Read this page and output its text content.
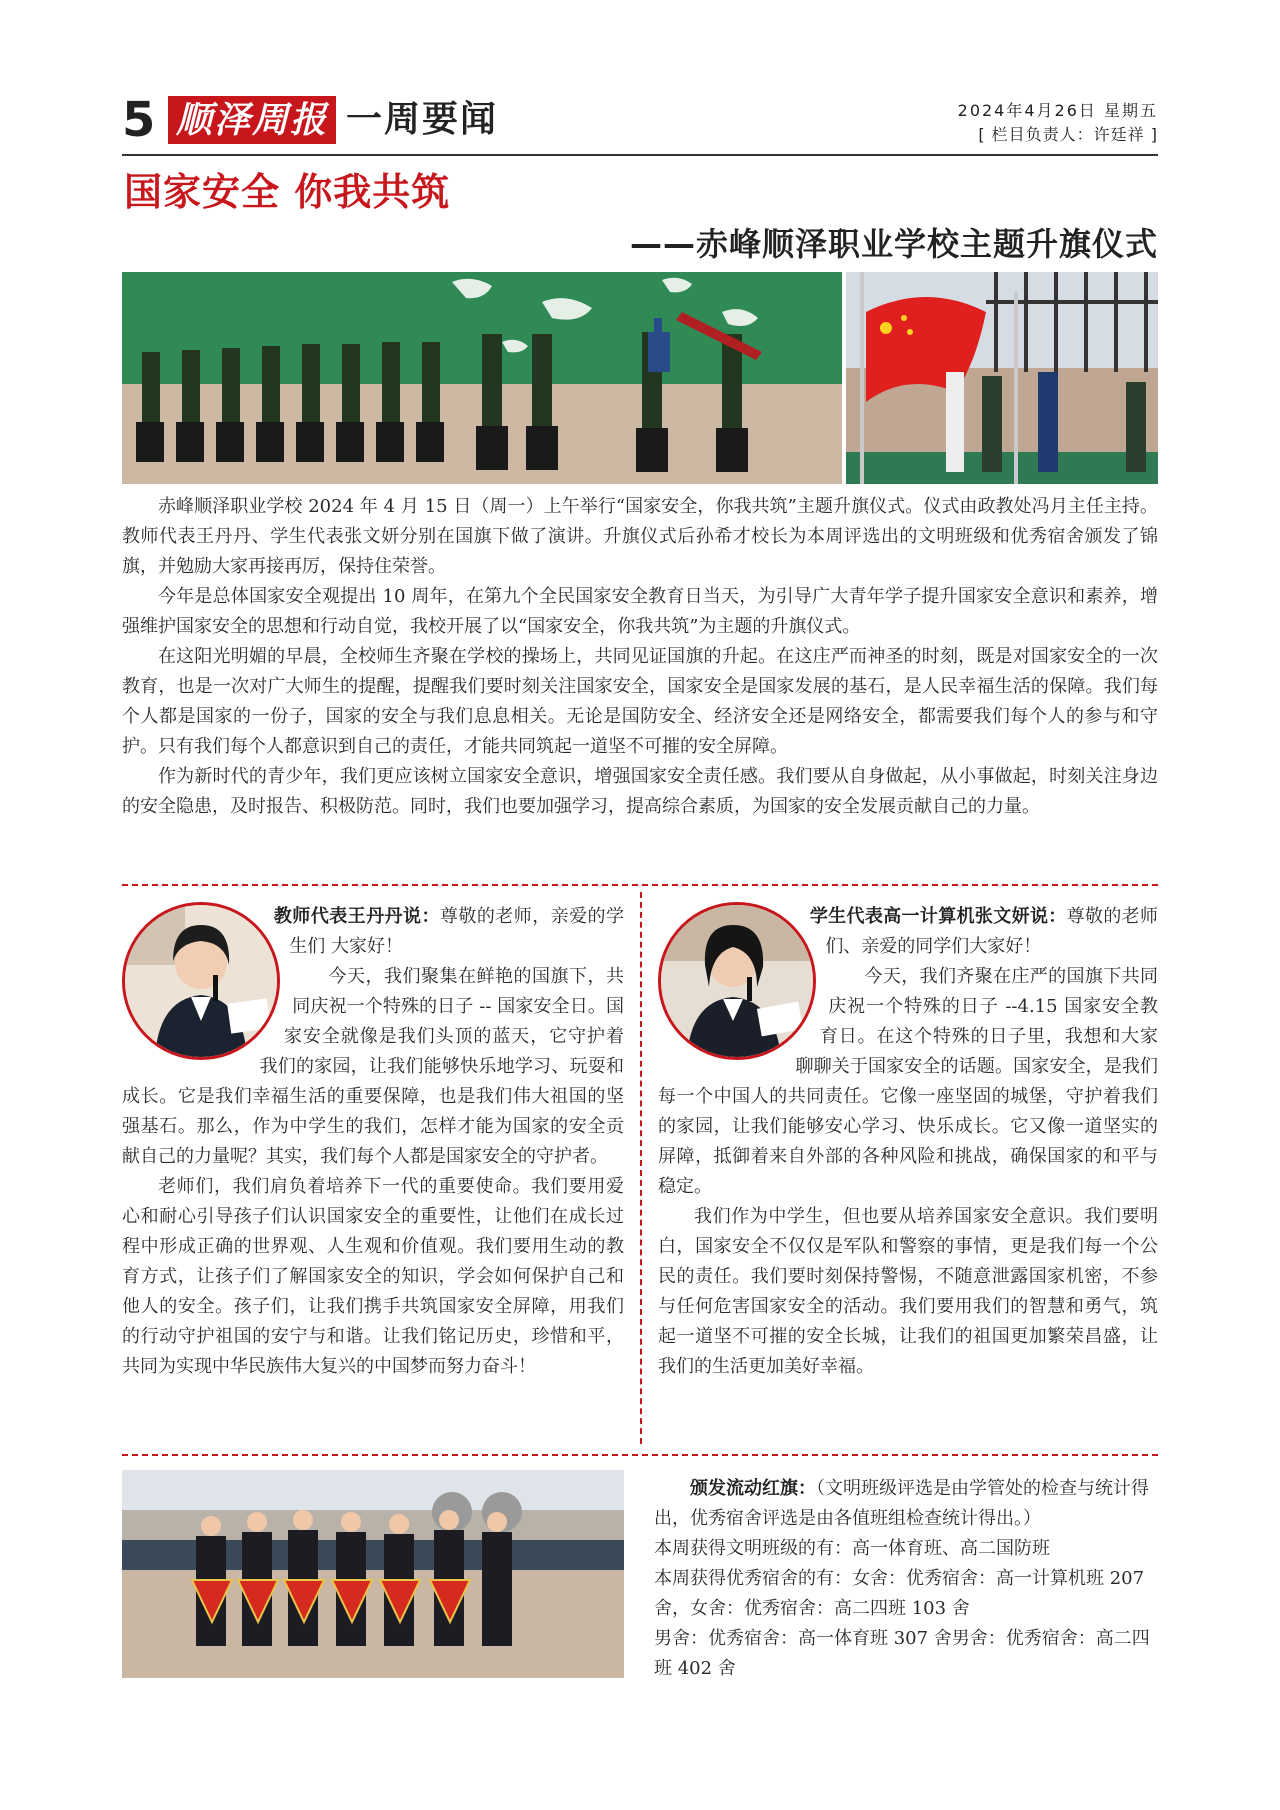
5 顺泽周报 一周要闻	2024年4月26日 星期五
[ 栏目负责人：许廷祥 ]
国家安全 你我共筑
——赤峰顺泽职业学校主题升旗仪式

赤峰顺泽职业学校 2024 年 4 月 15 日（周一）上午举行“国家安全，你我共筑”主题升旗仪式。仪式由政教处冯月主任主持。教师代表王丹丹、学生代表张文妍分别在国旗下做了演讲。升旗仪式后孙希才校长为本周评选出的文明班级和优秀宿舍颁发了锦旗，并勉励大家再接再厉，保持住荣誉。

今年是总体国家安全观提出 10 周年，在第九个全民国家安全教育日当天，为引导广大青年学子提升国家安全意识和素养，增强维护国家安全的思想和行动自觉，我校开展了以“国家安全，你我共筑”为主题的升旗仪式。

在这阳光明媚的早晨，全校师生齐聚在学校的操场上，共同见证国旗的升起。在这庄严而神圣的时刻，既是对国家安全的一次教育，也是一次对广大师生的提醒，提醒我们要时刻关注国家安全，国家安全是国家发展的基石，是人民幸福生活的保障。我们每个人都是国家的一份子，国家的安全与我们息息相关。无论是国防安全、经济安全还是网络安全，都需要我们每个人的参与和守护。只有我们每个人都意识到自己的责任，才能共同筑起一道坚不可摧的安全屏障。

作为新时代的青少年，我们更应该树立国家安全意识，增强国家安全责任感。我们要从自身做起，从小事做起，时刻关注身边的安全隐患，及时报告、积极防范。同时，我们也要加强学习，提高综合素质，为国家的安全发展贡献自己的力量。

教师代表王丹丹说：尊敬的老师，亲爱的学生们 大家好！

今天，我们聚集在鲜艳的国旗下，共同庆祝一个特殊的日子 -- 国家安全日。国家安全就像是我们头顶的蓝天，它守护着我们的家园，让我们能够快乐地学习、玩耍和成长。它是我们幸福生活的重要保障，也是我们伟大祖国的坚强基石。那么，作为中学生的我们，怎样才能为国家的安全贡献自己的力量呢？其实，我们每个人都是国家安全的守护者。

老师们，我们肩负着培养下一代的重要使命。我们要用爱心和耐心引导孩子们认识国家安全的重要性，让他们在成长过程中形成正确的世界观、人生观和价值观。我们要用生动的教育方式，让孩子们了解国家安全的知识，学会如何保护自己和他人的安全。孩子们，让我们携手共筑国家安全屏障，用我们的行动守护祖国的安宁与和谐。让我们铭记历史，珍惜和平，共同为实现中华民族伟大复兴的中国梦而努力奋斗！

学生代表高一计算机张文妍说：尊敬的老师们、亲爱的同学们大家好！

今天，我们齐聚在庄严的国旗下共同庆祝一个特殊的日子 --4.15 国家安全教育日。在这个特殊的日子里，我想和大家聊聊关于国家安全的话题。国家安全，是我们每一个中国人的共同责任。它像一座坚固的城堡，守护着我们的家园，让我们能够安心学习、快乐成长。它又像一道坚实的屏障，抵御着来自外部的各种风险和挑战，确保国家的和平与稳定。

我们作为中学生，但也要从培养国家安全意识。我们要明白，国家安全不仅仅是军队和警察的事情，更是我们每一个公民的责任。我们要时刻保持警惕，不随意泄露国家机密，不参与任何危害国家安全的活动。我们要用我们的智慧和勇气，筑起一道坚不可摧的安全长城，让我们的祖国更加繁荣昌盛，让我们的生活更加美好幸福。

颁发流动红旗：（文明班级评选是由学管处的检查与统计得出，优秀宿舍评选是由各值班组检查统计得出。）

本周获得文明班级的有：高一体育班、高二国防班

本周获得优秀宿舍的有：女舍：优秀宿舍：高一计算机班 207 舍，女舍：优秀宿舍：高二四班 103 舍

男舍：优秀宿舍：高一体育班 307 舍男舍：优秀宿舍：高二四班 402 舍
